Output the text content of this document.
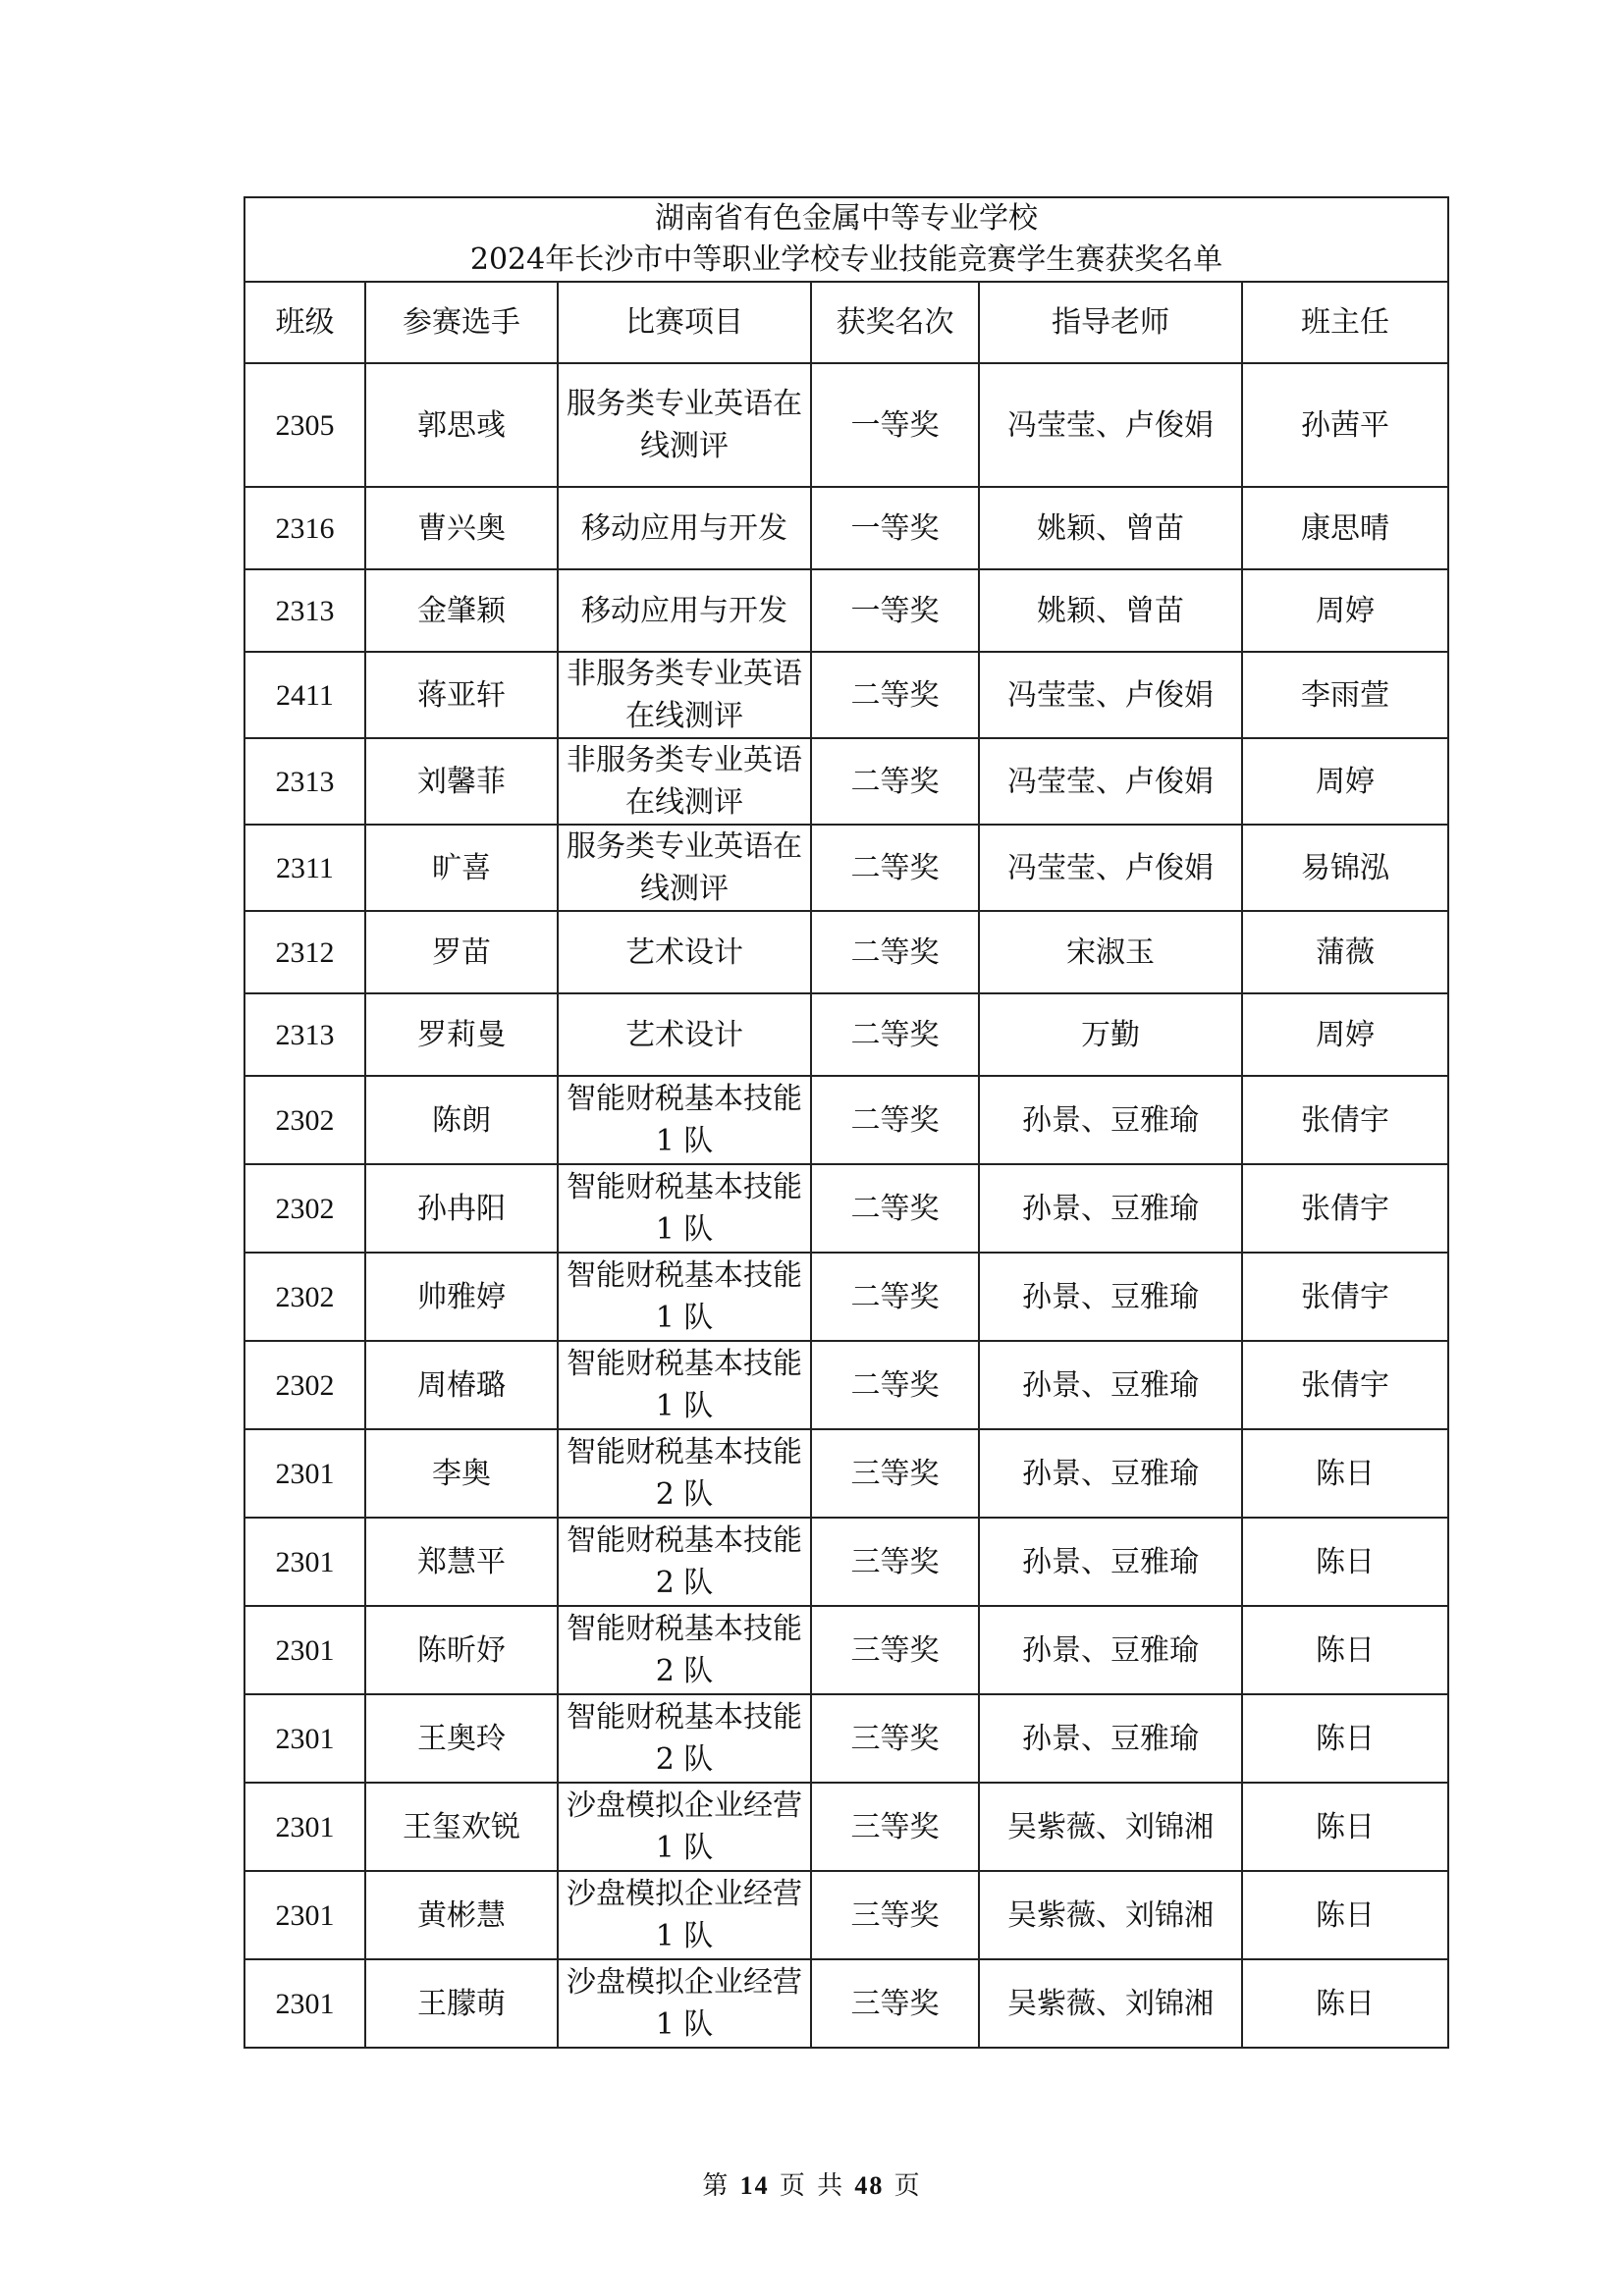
湖南省有色金属中等专业学校
2024年长沙市中等职业学校专业技能竞赛学生赛获奖名单					

班级	参赛选手	比赛项目	获奖名次	指导老师	班主任
2305	郭思彧	服务类专业英语在线测评	一等奖	冯莹莹、卢俊娟	孙茜平
2316	曹兴奥	移动应用与开发	一等奖	姚颖、曾苗	康思晴
2313	金肇颖	移动应用与开发	一等奖	姚颖、曾苗	周婷
2411	蒋亚轩	非服务类专业英语在线测评	二等奖	冯莹莹、卢俊娟	李雨萱
2313	刘馨菲	非服务类专业英语在线测评	二等奖	冯莹莹、卢俊娟	周婷
2311	旷喜	服务类专业英语在线测评	二等奖	冯莹莹、卢俊娟	易锦泓
2312	罗苗	艺术设计	二等奖	宋淑玉	蒲薇
2313	罗莉曼	艺术设计	二等奖	万勤	周婷
2302	陈朗	智能财税基本技能 1 队	二等奖	孙景、豆雅瑜	张倩宇
2302	孙冉阳	智能财税基本技能 1 队	二等奖	孙景、豆雅瑜	张倩宇
2302	帅雅婷	智能财税基本技能 1 队	二等奖	孙景、豆雅瑜	张倩宇
2302	周椿璐	智能财税基本技能 1 队	二等奖	孙景、豆雅瑜	张倩宇
2301	李奥	智能财税基本技能 2 队	三等奖	孙景、豆雅瑜	陈日
2301	郑慧平	智能财税基本技能 2 队	三等奖	孙景、豆雅瑜	陈日
2301	陈昕妤	智能财税基本技能 2 队	三等奖	孙景、豆雅瑜	陈日
2301	王奥玲	智能财税基本技能 2 队	三等奖	孙景、豆雅瑜	陈日
2301	王玺欢锐	沙盘模拟企业经营 1 队	三等奖	吴紫薇、刘锦湘	陈日
2301	黄彬慧	沙盘模拟企业经营 1 队	三等奖	吴紫薇、刘锦湘	陈日
2301	王朦萌	沙盘模拟企业经营 1 队	三等奖	吴紫薇、刘锦湘	陈日
第 14 页 共 48 页
